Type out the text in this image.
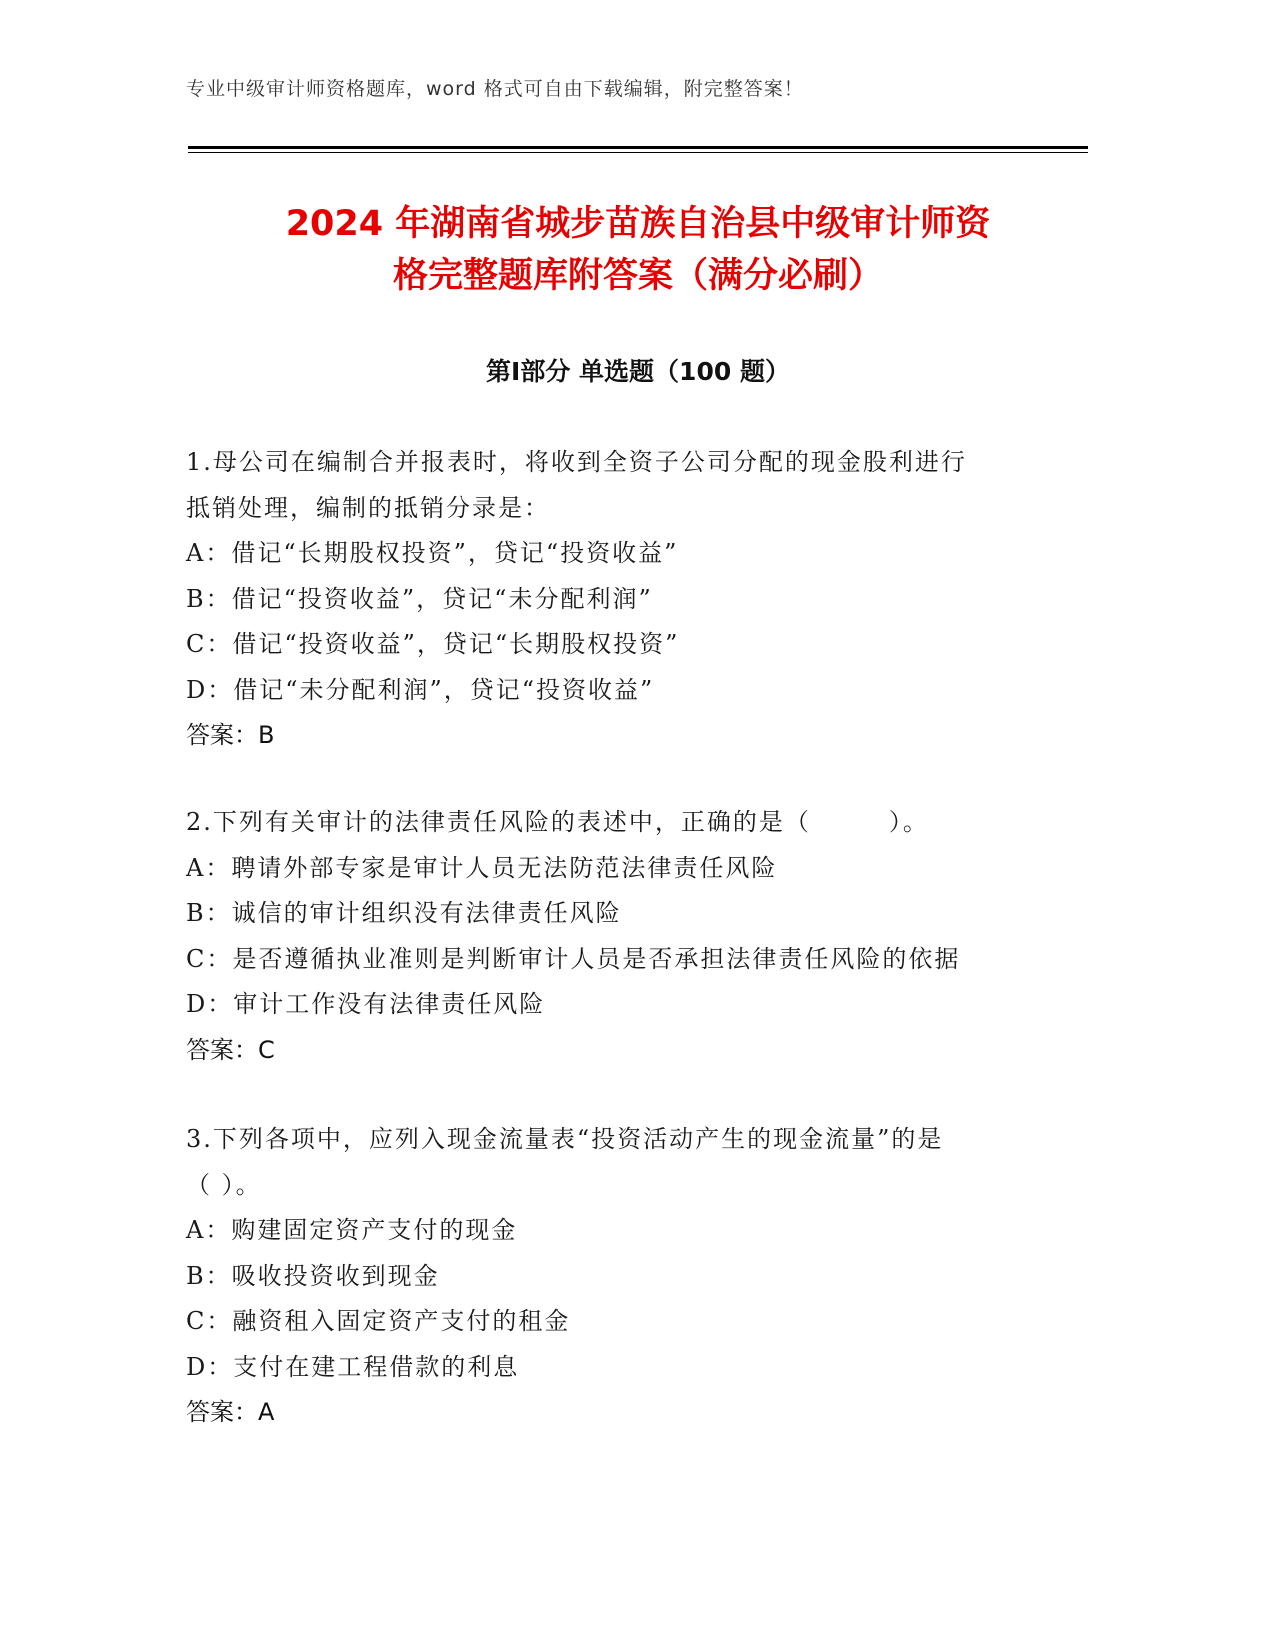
专业中级审计师资格题库，word 格式可自由下载编辑，附完整答案！
2024 年湖南省城步苗族自治县中级审计师资
格完整题库附答案（满分必刷）
第Ⅰ部分 单选题（100 题）
1.母公司在编制合并报表时，将收到全资子公司分配的现金股利进行
抵销处理，编制的抵销分录是：
A：借记“长期股权投资”，贷记“投资收益”
B：借记“投资收益”，贷记“未分配利润”
C：借记“投资收益”，贷记“长期股权投资”
D：借记“未分配利润”，贷记“投资收益”
答案：B
2.下列有关审计的法律责任风险的表述中，正确的是（　　　）。
A：聘请外部专家是审计人员无法防范法律责任风险
B：诚信的审计组织没有法律责任风险
C：是否遵循执业准则是判断审计人员是否承担法律责任风险的依据
D：审计工作没有法律责任风险
答案：C
3.下列各项中，应列入现金流量表“投资活动产生的现金流量”的是
（ ）。
A：购建固定资产支付的现金
B：吸收投资收到现金
C：融资租入固定资产支付的租金
D：支付在建工程借款的利息
答案：A
